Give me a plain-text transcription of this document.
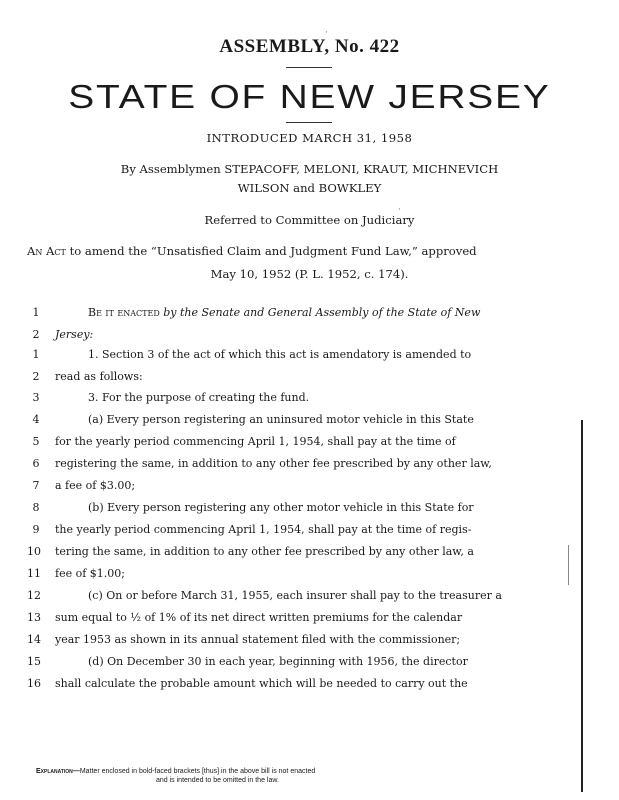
ASSEMBLY, No. 422
STATE OF NEW JERSEY
INTRODUCED MARCH 31, 1958
By Assemblymen STEPACOFF, MELONI, KRAUT, MICHNEVICH
WILSON and BOWKLEY
Referred to Committee on Judiciary
An Act to amend the “Unsatisfied Claim and Judgment Fund Law,” approved
May 10, 1952 (P. L. 1952, c. 174).
1	Be it enacted by the Senate and General Assembly of the State of New
2	Jersey:
1	1. Section 3 of the act of which this act is amendatory is amended to
2	read as follows:
3	3. For the purpose of creating the fund.
4	(a) Every person registering an uninsured motor vehicle in this State
5	for the yearly period commencing April 1, 1954, shall pay at the time of
6	registering the same, in addition to any other fee prescribed by any other law,
7	a fee of $3.00;
8	(b) Every person registering any other motor vehicle in this State for
9	the yearly period commencing April 1, 1954, shall pay at the time of regis-
10 tering the same, in addition to any other fee prescribed by any other law, a
11 fee of $1.00;
12	(c) On or before March 31, 1955, each insurer shall pay to the treasurer a
13 sum equal to ½ of 1% of its net direct written premiums for the calendar
14 year 1953 as shown in its annual statement filed with the commissioner;
15	(d) On December 30 in each year, beginning with 1956, the director
16 shall calculate the probable amount which will be needed to carry out the
Explanation—Matter enclosed in bold-faced brackets [thus] in the above bill is not enacted
and is intended to be omitted in the law.
·
·
